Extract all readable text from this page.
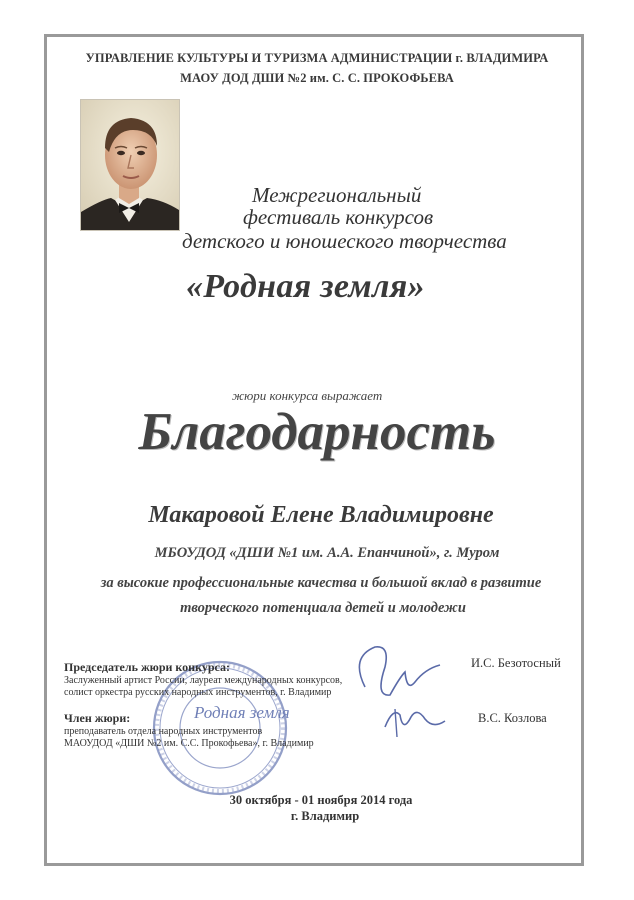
УПРАВЛЕНИЕ КУЛЬТУРЫ И ТУРИЗМА АДМИНИСТРАЦИИ г. ВЛАДИМИРА
МАОУ ДОД ДШИ №2 им. С. С. ПРОКОФЬЕВА
Межрегиональный
фестиваль конкурсов
детского и юношеского творчества
«Родная земля»
жюри конкурса выражает
Благодарность
Макаровой Елене Владимировне
МБОУДОД «ДШИ №1 им. А.А. Епанчиной», г. Муром
за высокие профессиональные качества и большой вклад в развитие
творческого потенциала детей и молодежи
Родная земля
Председатель жюри конкурса:
Заслуженный артист России, лауреат международных конкурсов,
солист оркестра русских народных инструментов, г. Владимир
И.С. Безотосный
Член жюри:
преподаватель отдела народных инструментов
МАОУДОД «ДШИ №2 им. С.С. Прокофьева», г. Владимир
В.С. Козлова
30 октября - 01 ноября 2014 года
г. Владимир
